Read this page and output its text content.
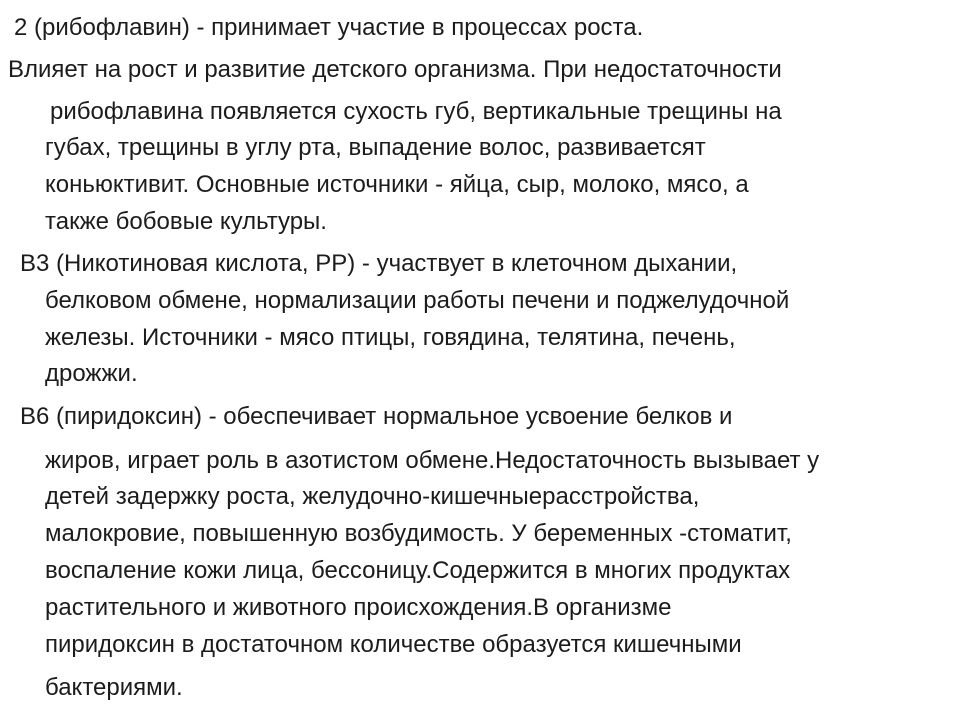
2 (рибофлавин) - принимает участие в процессах роста.
Влияет на рост и развитие детского организма. При недостаточности
рибофлавина появляется сухость губ, вертикальные трещины на
губах, трещины в углу рта, выпадение волос, развиваетсят
коньюктивит. Основные источники - яйца, сыр, молоко, мясо, а
также бобовые культуры.
В3 (Никотиновая кислота, РР) - участвует в клеточном дыхании,
белковом обмене, нормализации работы печени и поджелудочной
железы. Источники - мясо птицы, говядина, телятина, печень,
дрожжи.
В6 (пиридоксин) - обеспечивает нормальное усвоение белков и
жиров, играет роль в азотистом обмене.Недостаточность вызывает у
детей задержку роста, желудочно-кишечныерасстройства,
малокровие, повышенную возбудимость. У беременных -стоматит,
воспаление кожи лица, бессоницу.Содержится в многих продуктах
растительного и животного происхождения.В организме
пиридоксин в достаточном количестве образуется кишечными
бактериями.
